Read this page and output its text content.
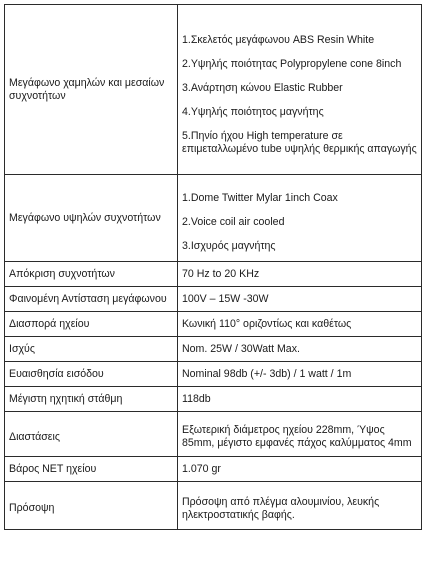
Μεγάφωνο χαμηλών και μεσαίων συχνοτήτων	1.Σκελετός μεγάφωνου ABS Resin White
2.Υψηλής ποιότητας Polypropylene cone 8inch
3.Ανάρτηση κώνου Elastic Rubber
4.Υψηλής ποιότητος μαγνήτης
5.Πηνίο ήχου High temperature σε επιμεταλλωμένο tube υψηλής θερμικής απαγωγής

Μεγάφωνο υψηλών συχνοτήτων	1.Dome Twitter Mylar 1inch Coax
2.Voice coil air cooled
3.Ισχυρός μαγνήτης

Απόκριση συχνοτήτων	70 Hz to 20 KHz
Φαινομένη Αντίσταση μεγάφωνου	100V – 15W -30W
Διασπορά ηχείου	Κωνική 110° οριζοντίως και καθέτως
Ισχύς	Nom. 25W / 30Watt Max.
Ευαισθησία εισόδου	Nominal 98db (+/- 3db) / 1 watt / 1m
Μέγιστη ηχητική στάθμη	118db
Διαστάσεις	Εξωτερική διάμετρος ηχείου 228mm, Ύψος 85mm, μέγιστο εμφανές πάχος καλύμματος 4mm
Βάρος NET ηχείου	1.070 gr
Πρόσοψη	Πρόσοψη από πλέγμα αλουμινίου, λευκής ηλεκτροστατικής βαφής.
